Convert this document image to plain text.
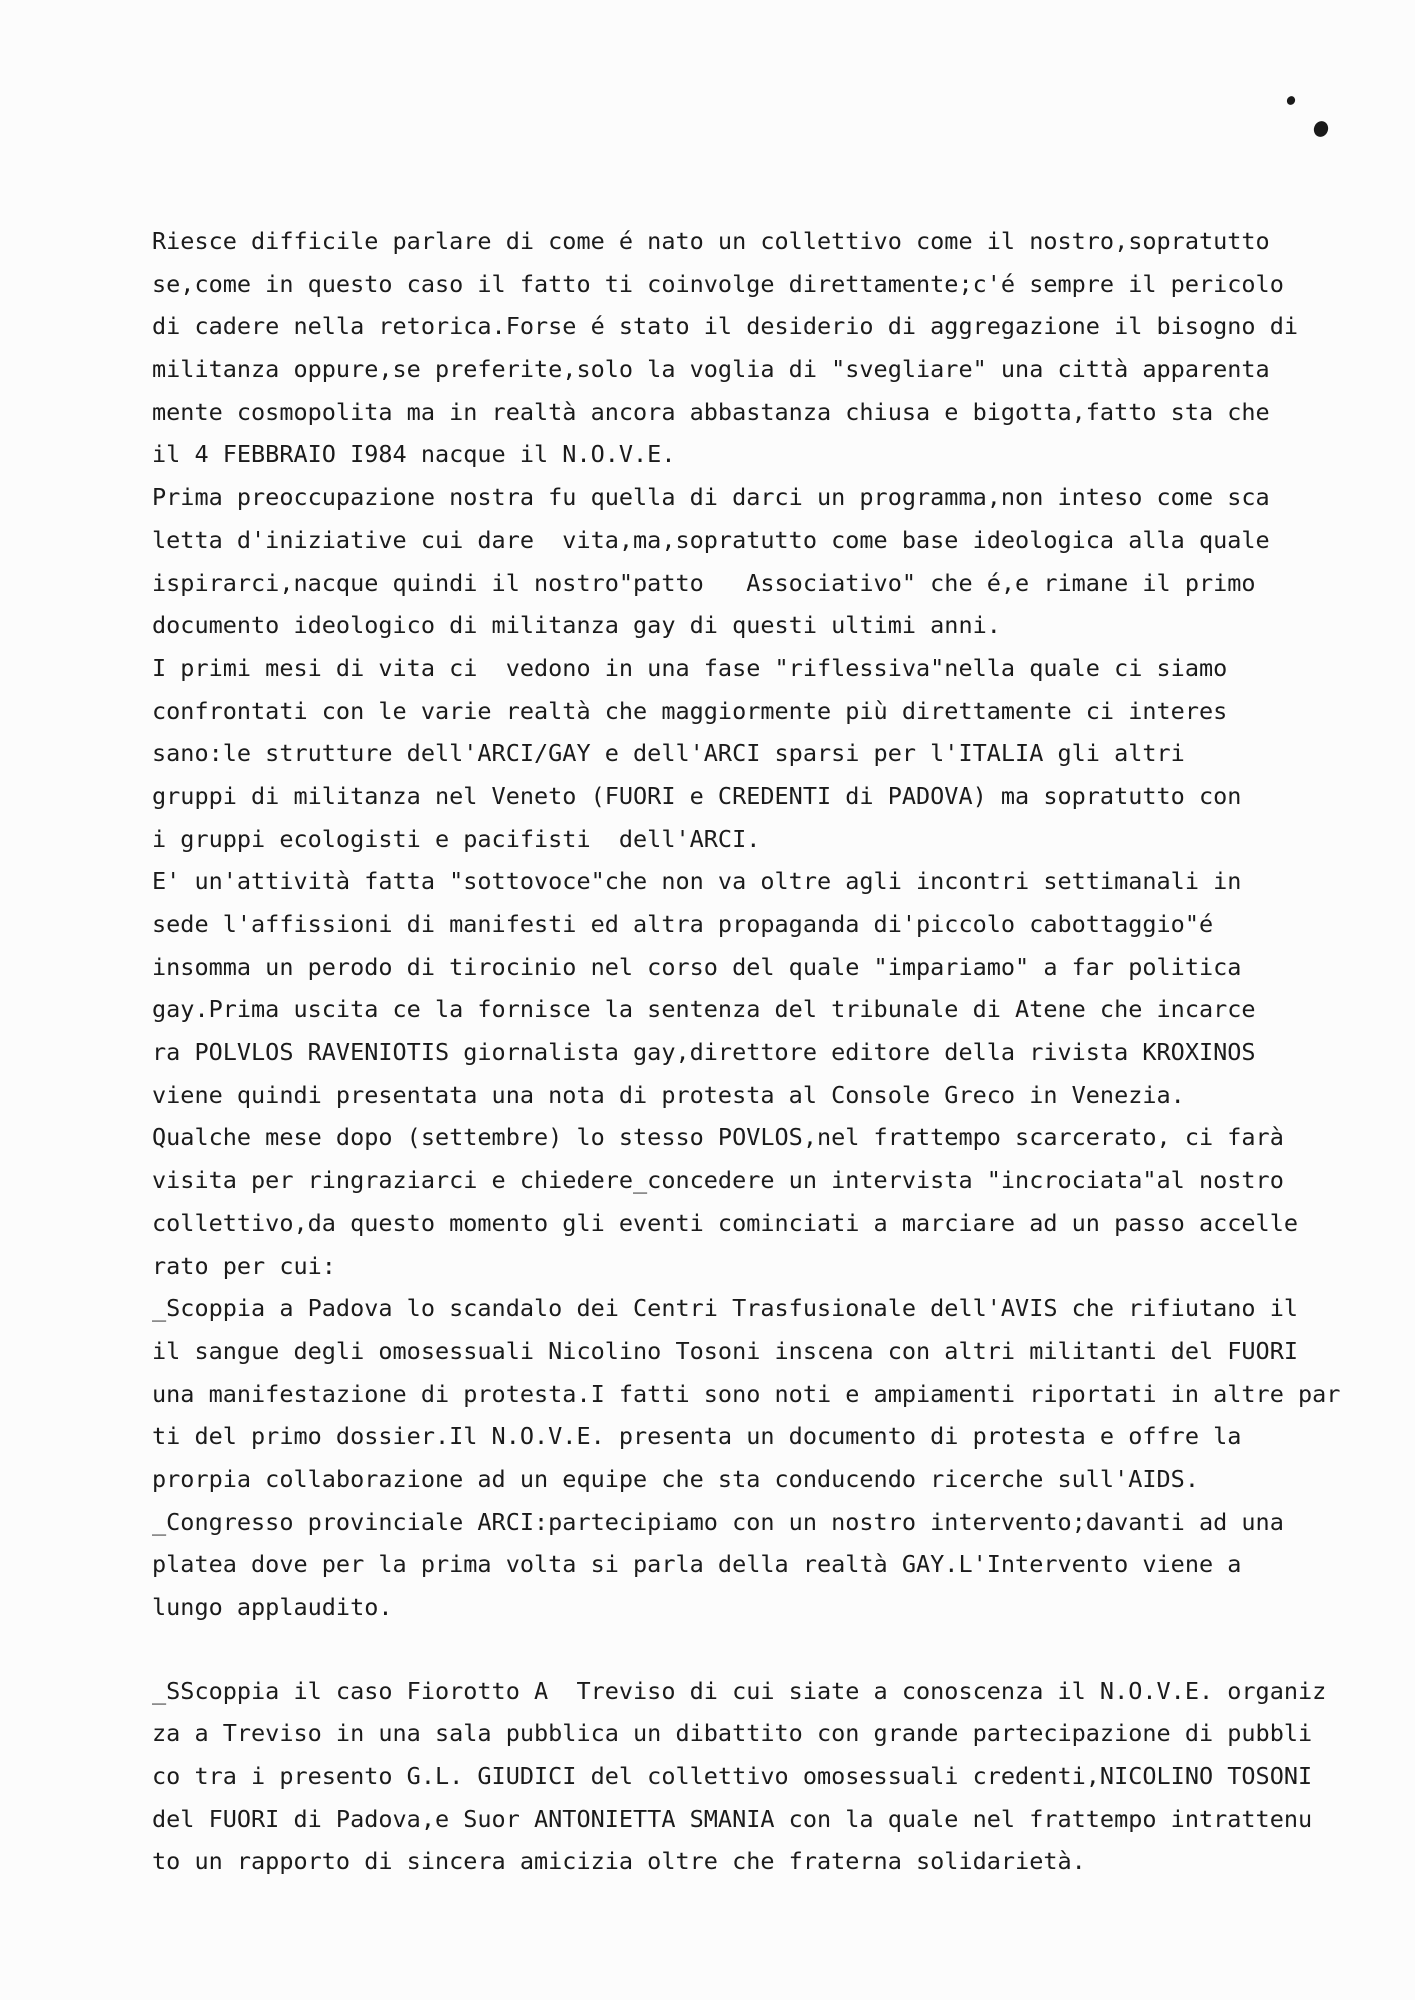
Riesce difficile parlare di come é nato un collettivo come il nostro,sopratutto
se,come in questo caso il fatto ti coinvolge direttamente;c'é sempre il pericolo
di cadere nella retorica.Forse é stato il desiderio di aggregazione il bisogno di
militanza oppure,se preferite,solo la voglia di "svegliare" una città apparenta
mente cosmopolita ma in realtà ancora abbastanza chiusa e bigotta,fatto sta che
il 4 FEBBRAIO I984 nacque il N.O.V.E.
Prima preoccupazione nostra fu quella di darci un programma,non inteso come sca
letta d'iniziative cui dare  vita,ma,sopratutto come base ideologica alla quale
ispirarci,nacque quindi il nostro"patto   Associativo" che é,e rimane il primo
documento ideologico di militanza gay di questi ultimi anni.
I primi mesi di vita ci  vedono in una fase "riflessiva"nella quale ci siamo
confrontati con le varie realtà che maggiormente più direttamente ci interes
sano:le strutture dell'ARCI/GAY e dell'ARCI sparsi per l'ITALIA gli altri
gruppi di militanza nel Veneto (FUORI e CREDENTI di PADOVA) ma sopratutto con
i gruppi ecologisti e pacifisti  dell'ARCI.
E' un'attività fatta "sottovoce"che non va oltre agli incontri settimanali in
sede l'affissioni di manifesti ed altra propaganda di'piccolo cabottaggio"é
insomma un perodo di tirocinio nel corso del quale "impariamo" a far politica
gay.Prima uscita ce la fornisce la sentenza del tribunale di Atene che incarce
ra POLVLOS RAVENIOTIS giornalista gay,direttore editore della rivista KROXINOS
viene quindi presentata una nota di protesta al Console Greco in Venezia.
Qualche mese dopo (settembre) lo stesso POVLOS,nel frattempo scarcerato, ci farà
visita per ringraziarci e chiedere_concedere un intervista "incrociata"al nostro
collettivo,da questo momento gli eventi cominciati a marciare ad un passo accelle
rato per cui:
_Scoppia a Padova lo scandalo dei Centri Trasfusionale dell'AVIS che rifiutano il
il sangue degli omosessuali Nicolino Tosoni inscena con altri militanti del FUORI
una manifestazione di protesta.I fatti sono noti e ampiamenti riportati in altre par
ti del primo dossier.Il N.O.V.E. presenta un documento di protesta e offre la
prorpia collaborazione ad un equipe che sta conducendo ricerche sull'AIDS.
_Congresso provinciale ARCI:partecipiamo con un nostro intervento;davanti ad una
platea dove per la prima volta si parla della realtà GAY.L'Intervento viene a
lungo applaudito.
_SScoppia il caso Fiorotto A  Treviso di cui siate a conoscenza il N.O.V.E. organiz
za a Treviso in una sala pubblica un dibattito con grande partecipazione di pubbli
co tra i presento G.L. GIUDICI del collettivo omosessuali credenti,NICOLINO TOSONI
del FUORI di Padova,e Suor ANTONIETTA SMANIA con la quale nel frattempo intrattenu
to un rapporto di sincera amicizia oltre che fraterna solidarietà.
